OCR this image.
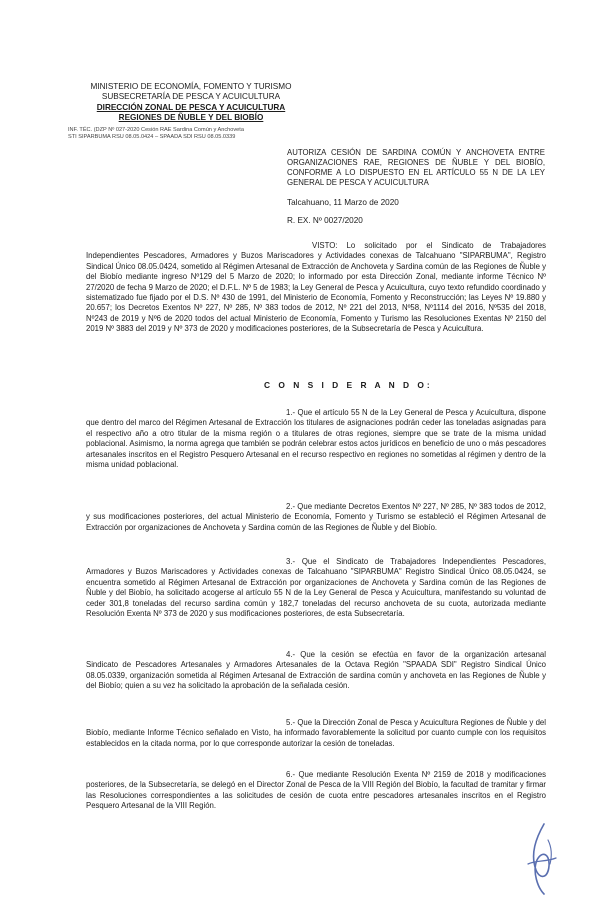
MINISTERIO DE ECONOMÍA, FOMENTO Y TURISMO
SUBSECRETARÍA DE PESCA Y ACUICULTURA
DIRECCIÓN ZONAL DE PESCA Y ACUICULTURA
REGIONES DE ÑUBLE Y DEL BIOBÍO
INF. TÉC. (DZP Nº 027-2020 Cesión RAE Sardina Común y Anchoveta
STI SIPARBUMA RSU 08.05.0424 – SPAADA SDI RSU 08.05.0339
AUTORIZA CESIÓN DE SARDINA COMÚN Y ANCHOVETA ENTRE ORGANIZACIONES RAE, REGIONES DE ÑUBLE Y DEL BIOBÍO, CONFORME A LO DISPUESTO EN EL ARTÍCULO 55 N DE LA LEY GENERAL DE PESCA Y ACUICULTURA
Talcahuano, 11 Marzo de 2020
R. EX. Nº 0027/2020
VISTO: Lo solicitado por el Sindicato de Trabajadores Independientes Pescadores, Armadores y Buzos Mariscadores y Actividades conexas de Talcahuano "SIPARBUMA", Registro Sindical Único 08.05.0424, sometido al Régimen Artesanal de Extracción de Anchoveta y Sardina común de las Regiones de Ñuble y del Biobío mediante ingreso Nº129 del 5 Marzo de 2020; lo informado por esta Dirección Zonal, mediante informe Técnico Nº 27/2020 de fecha 9 Marzo de 2020; el D.F.L. Nº 5 de 1983; la Ley General de Pesca y Acuicultura, cuyo texto refundido coordinado y sistematizado fue fijado por el D.S. Nº 430 de 1991, del Ministerio de Economía, Fomento y Reconstrucción; las Leyes Nº 19.880 y 20.657; los Decretos Exentos Nº 227, Nº 285, Nº 383 todos de 2012, Nº 221 del 2013, Nº58, Nº1114 del 2016, Nº535 del 2018, Nº243 de 2019 y Nº6 de 2020 todos del actual Ministerio de Economía, Fomento y Turismo las Resoluciones Exentas Nº 2150 del 2019 Nº 3883 del 2019 y Nº 373 de 2020 y modificaciones posteriores, de la Subsecretaría de Pesca y Acuicultura.
C O N S I D E R A N D O:
1.- Que el artículo 55 N de la Ley General de Pesca y Acuicultura, dispone que dentro del marco del Régimen Artesanal de Extracción los titulares de asignaciones podrán ceder las toneladas asignadas para el respectivo año a otro titular de la misma región o a titulares de otras regiones, siempre que se trate de la misma unidad poblacional. Asimismo, la norma agrega que también se podrán celebrar estos actos jurídicos en beneficio de uno o más pescadores artesanales inscritos en el Registro Pesquero Artesanal en el recurso respectivo en regiones no sometidas al régimen y dentro de la misma unidad poblacional.
2.- Que mediante Decretos Exentos Nº 227, Nº 285, Nº 383 todos de 2012, y sus modificaciones posteriores, del actual Ministerio de Economía, Fomento y Turismo se estableció el Régimen Artesanal de Extracción por organizaciones de Anchoveta y Sardina común de las Regiones de Ñuble y del Biobío.
3.- Que el Sindicato de Trabajadores Independientes Pescadores, Armadores y Buzos Mariscadores y Actividades conexas de Talcahuano "SIPARBUMA" Registro Sindical Único 08.05.0424, se encuentra sometido al Régimen Artesanal de Extracción por organizaciones de Anchoveta y Sardina común de las Regiones de Ñuble y del Biobío, ha solicitado acogerse al artículo 55 N de la Ley General de Pesca y Acuicultura, manifestando su voluntad de ceder 301,8 toneladas del recurso sardina común y 182,7 toneladas del recurso anchoveta de su cuota, autorizada mediante Resolución Exenta Nº 373 de 2020 y sus modificaciones posteriores, de esta Subsecretaría.
4.- Que la cesión se efectúa en favor de la organización artesanal Sindicato de Pescadores Artesanales y Armadores Artesanales de la Octava Región "SPAADA SDI" Registro Sindical Único 08.05.0339, organización sometida al Régimen Artesanal de Extracción de sardina común y anchoveta en las Regiones de Ñuble y del Biobío; quien a su vez ha solicitado la aprobación de la señalada cesión.
5.- Que la Dirección Zonal de Pesca y Acuicultura Regiones de Ñuble y del Biobío, mediante Informe Técnico señalado en Visto, ha informado favorablemente la solicitud por cuanto cumple con los requisitos establecidos en la citada norma, por lo que corresponde autorizar la cesión de toneladas.
6.- Que mediante Resolución Exenta Nº 2159 de 2018 y modificaciones posteriores, de la Subsecretaría, se delegó en el Director Zonal de Pesca de la VIII Región del Biobío, la facultad de tramitar y firmar las Resoluciones correspondientes a las solicitudes de cesión de cuota entre pescadores artesanales inscritos en el Registro Pesquero Artesanal de la VIII Región.
